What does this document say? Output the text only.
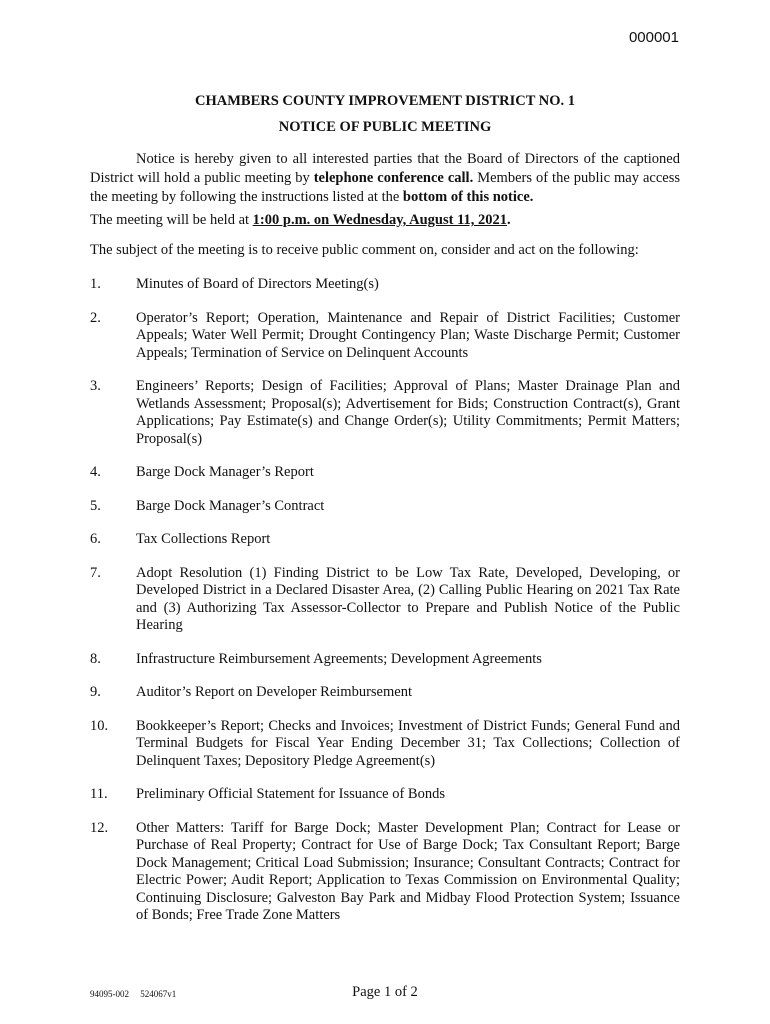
000001
CHAMBERS COUNTY IMPROVEMENT DISTRICT NO. 1
NOTICE OF PUBLIC MEETING

Notice is hereby given to all interested parties that the Board of Directors of the captioned District will hold a public meeting by telephone conference call. Members of the public may access the meeting by following the instructions listed at the bottom of this notice.

The meeting will be held at 1:00 p.m. on Wednesday, August 11, 2021.

The subject of the meeting is to receive public comment on, consider and act on the following:

1.	Minutes of Board of Directors Meeting(s)
2.	Operator’s Report; Operation, Maintenance and Repair of District Facilities; Customer Appeals; Water Well Permit; Drought Contingency Plan; Waste Discharge Permit; Customer Appeals; Termination of Service on Delinquent Accounts
3.	Engineers’ Reports; Design of Facilities; Approval of Plans; Master Drainage Plan and Wetlands Assessment; Proposal(s); Advertisement for Bids; Construction Contract(s), Grant Applications; Pay Estimate(s) and Change Order(s); Utility Commitments; Permit Matters; Proposal(s)
4.	Barge Dock Manager’s Report
5.	Barge Dock Manager’s Contract
6.	Tax Collections Report
7.	Adopt Resolution (1) Finding District to be Low Tax Rate, Developed, Developing, or Developed District in a Declared Disaster Area, (2) Calling Public Hearing on 2021 Tax Rate and (3) Authorizing Tax Assessor-Collector to Prepare and Publish Notice of the Public Hearing
8.	Infrastructure Reimbursement Agreements; Development Agreements
9.	Auditor’s Report on Developer Reimbursement
10.	Bookkeeper’s Report; Checks and Invoices; Investment of District Funds; General Fund and Terminal Budgets for Fiscal Year Ending December 31; Tax Collections; Collection of Delinquent Taxes; Depository Pledge Agreement(s)
11.	Preliminary Official Statement for Issuance of Bonds
12.	Other Matters: Tariff for Barge Dock; Master Development Plan; Contract for Lease or Purchase of Real Property; Contract for Use of Barge Dock; Tax Consultant Report; Barge Dock Management; Critical Load Submission; Insurance; Consultant Contracts; Contract for Electric Power; Audit Report; Application to Texas Commission on Environmental Quality; Continuing Disclosure; Galveston Bay Park and Midbay Flood Protection System; Issuance of Bonds; Free Trade Zone Matters
94095-002     524067v1	Page 1 of 2
